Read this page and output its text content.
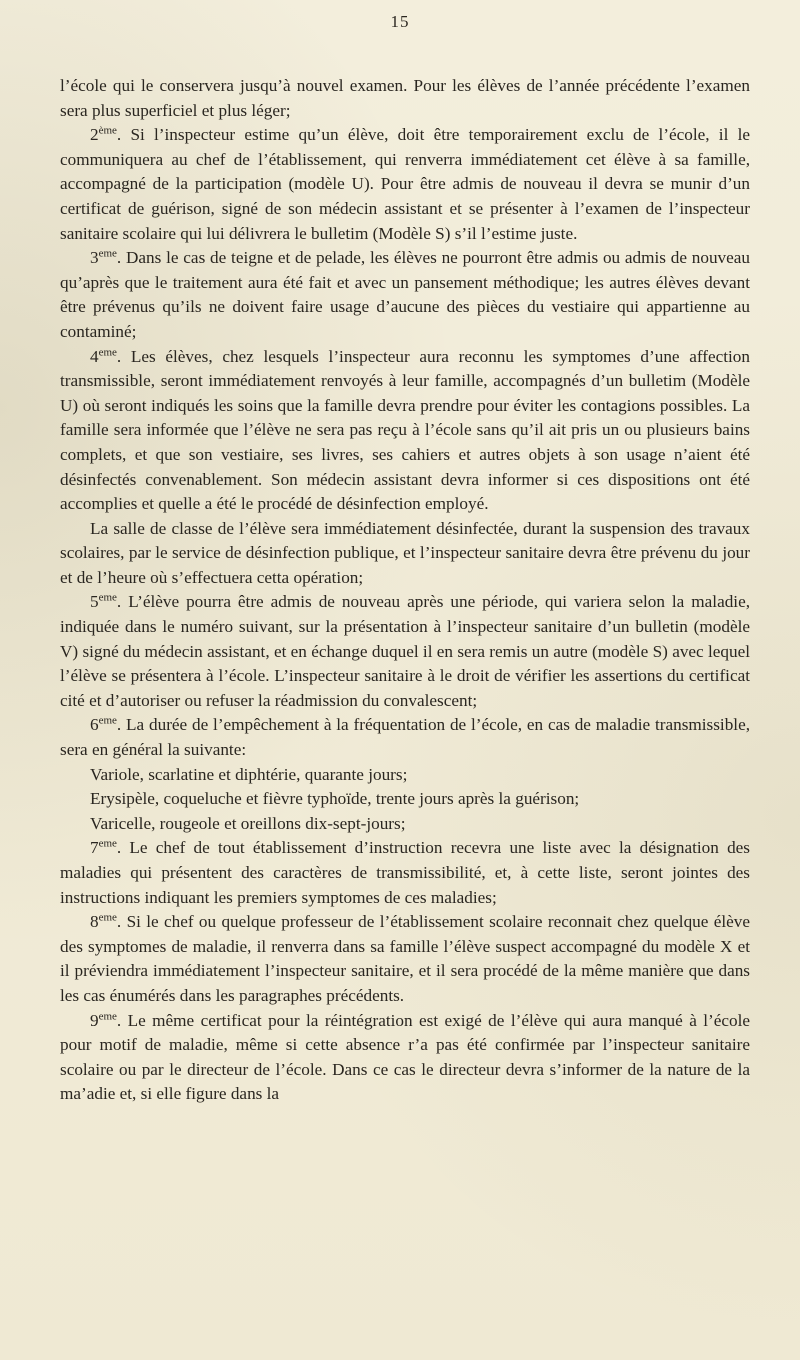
15

l’école qui le conservera jusqu’à nouvel examen. Pour les élèves de l’année précédente l’examen sera plus superficiel et plus léger;

2ème. Si l’inspecteur estime qu’un élève, doit être temporairement exclu de l’école, il le communiquera au chef de l’établissement, qui renverra immédiatement cet élève à sa famille, accompagné de la participation (modèle U). Pour être admis de nouveau il devra se munir d’un certificat de guérison, signé de son médecin assistant et se présenter à l’examen de l’inspecteur sanitaire scolaire qui lui délivrera le bulletim (Modèle S) s’il l’estime juste.

3eme. Dans le cas de teigne et de pelade, les élèves ne pourront être admis ou admis de nouveau qu’après que le traitement aura été fait et avec un pansement méthodique; les autres élèves devant être prévenus qu’ils ne doivent faire usage d’aucune des pièces du vestiaire qui appartienne au contaminé;

4eme. Les élèves, chez lesquels l’inspecteur aura reconnu les symptomes d’une affection transmissible, seront immédiatement renvoyés à leur famille, accompagnés d’un bulletim (Modèle U) où seront indiqués les soins que la famille devra prendre pour éviter les contagions possibles. La famille sera informée que l’élève ne sera pas reçu à l’école sans qu’il ait pris un ou plusieurs bains complets, et que son vestiaire, ses livres, ses cahiers et autres objets à son usage n’aient été désinfectés convenablement. Son médecin assistant devra informer si ces dispositions ont été accomplies et quelle a été le procédé de désinfection employé.

La salle de classe de l’élève sera immédiatement désinfectée, durant la suspension des travaux scolaires, par le service de désinfection publique, et l’inspecteur sanitaire devra être prévenu du jour et de l’heure où s’effectuera cetta opération;

5eme. L’élève pourra être admis de nouveau après une période, qui variera selon la maladie, indiquée dans le numéro suivant, sur la présentation à l’inspecteur sanitaire d’un bulletin (modèle V) signé du médecin assistant, et en échange duquel il en sera remis un autre (modèle S) avec lequel l’élève se présentera à l’école. L’inspecteur sanitaire à le droit de vérifier les assertions du certificat cité et d’autoriser ou refuser la réadmission du convalescent;

6eme. La durée de l’empêchement à la fréquentation de l’école, en cas de maladie transmissible, sera en général la suivante:

Variole, scarlatine et diphtérie, quarante jours;

Erysipèle, coqueluche et fièvre typhoïde, trente jours après la guérison;

Varicelle, rougeole et oreillons dix-sept-jours;

7eme. Le chef de tout établissement d’instruction recevra une liste avec la désignation des maladies qui présentent des caractères de transmissibilité, et, à cette liste, seront jointes des instructions indiquant les premiers symptomes de ces maladies;

8eme. Si le chef ou quelque professeur de l’établissement scolaire reconnait chez quelque élève des symptomes de maladie, il renverra dans sa famille l’élève suspect accompagné du modèle X et il préviendra immédiatement l’inspecteur sanitaire, et il sera procédé de la même manière que dans les cas énumérés dans les paragraphes précédents.

9eme. Le même certificat pour la réintégration est exigé de l’élève qui aura manqué à l’école pour motif de maladie, même si cette absence r’a pas été confirmée par l’inspecteur sanitaire scolaire ou par le directeur de l’école. Dans ce cas le directeur devra s’informer de la nature de la ma’adie et, si elle figure dans la
